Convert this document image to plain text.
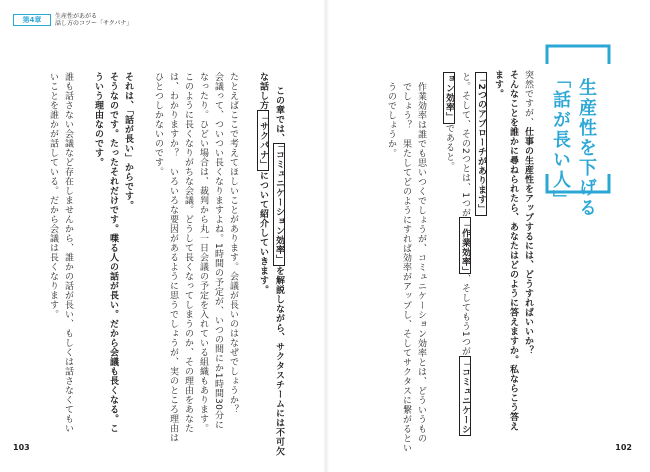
第4章	生産性があがる
話し方のコツー「サクパナ」
生産性を下げる
「話が長い人」
突然ですが、仕事の生産性をアップするには、どうすればいいか？
そんなことを誰かに尋ねられたら、あなたはどのように答えますか。私ならこう答え
ます。
「2つのアプローチがあります」
と。そして、その2つとは、1つが「作業効率」、そしてもう1つが「コミュニケーシ
ョン効率」であると。
作業効率は誰でも思いつくでしょうが、コミュニケーション効率とは、どういうもの
でしょう？　果たしてどのようにすれば効率がアップし、そしてサクタスに繋がるとい
うのでしょうか。
この章では、「コミュニケーション効率」を解説しながら、サクタスチームには不可欠
な話し方「サクパナ」について紹介していきます。
たとえばここで考えてほしいことがあります。会議が長いのはなぜでしょうか？
会議って、ついつい長くなりますよね。1時間の予定が、いつの間にか1時間30分に
なったり。ひどい場合は、裁判から丸一日会議の予定を入れている組織もあります。
このように長くなりがちな会議。どうして長くなってしまうのか、その理由をあなた
は、わかりますか？　いろいろな要因があるように思うでしょうが、実のところ理由は
ひとつしかないのです。
それは、「話が長い」からです。
そうなのです。たったそれだけです。喋る人の話が長い。だから会議も長くなる。こ
ういう理由なのです。
誰も話さない会議など存在しませんから、誰かの話が長い、もしくは話さなくてもい
いことを誰かが話している。だから会議は長くなります。
103	102
